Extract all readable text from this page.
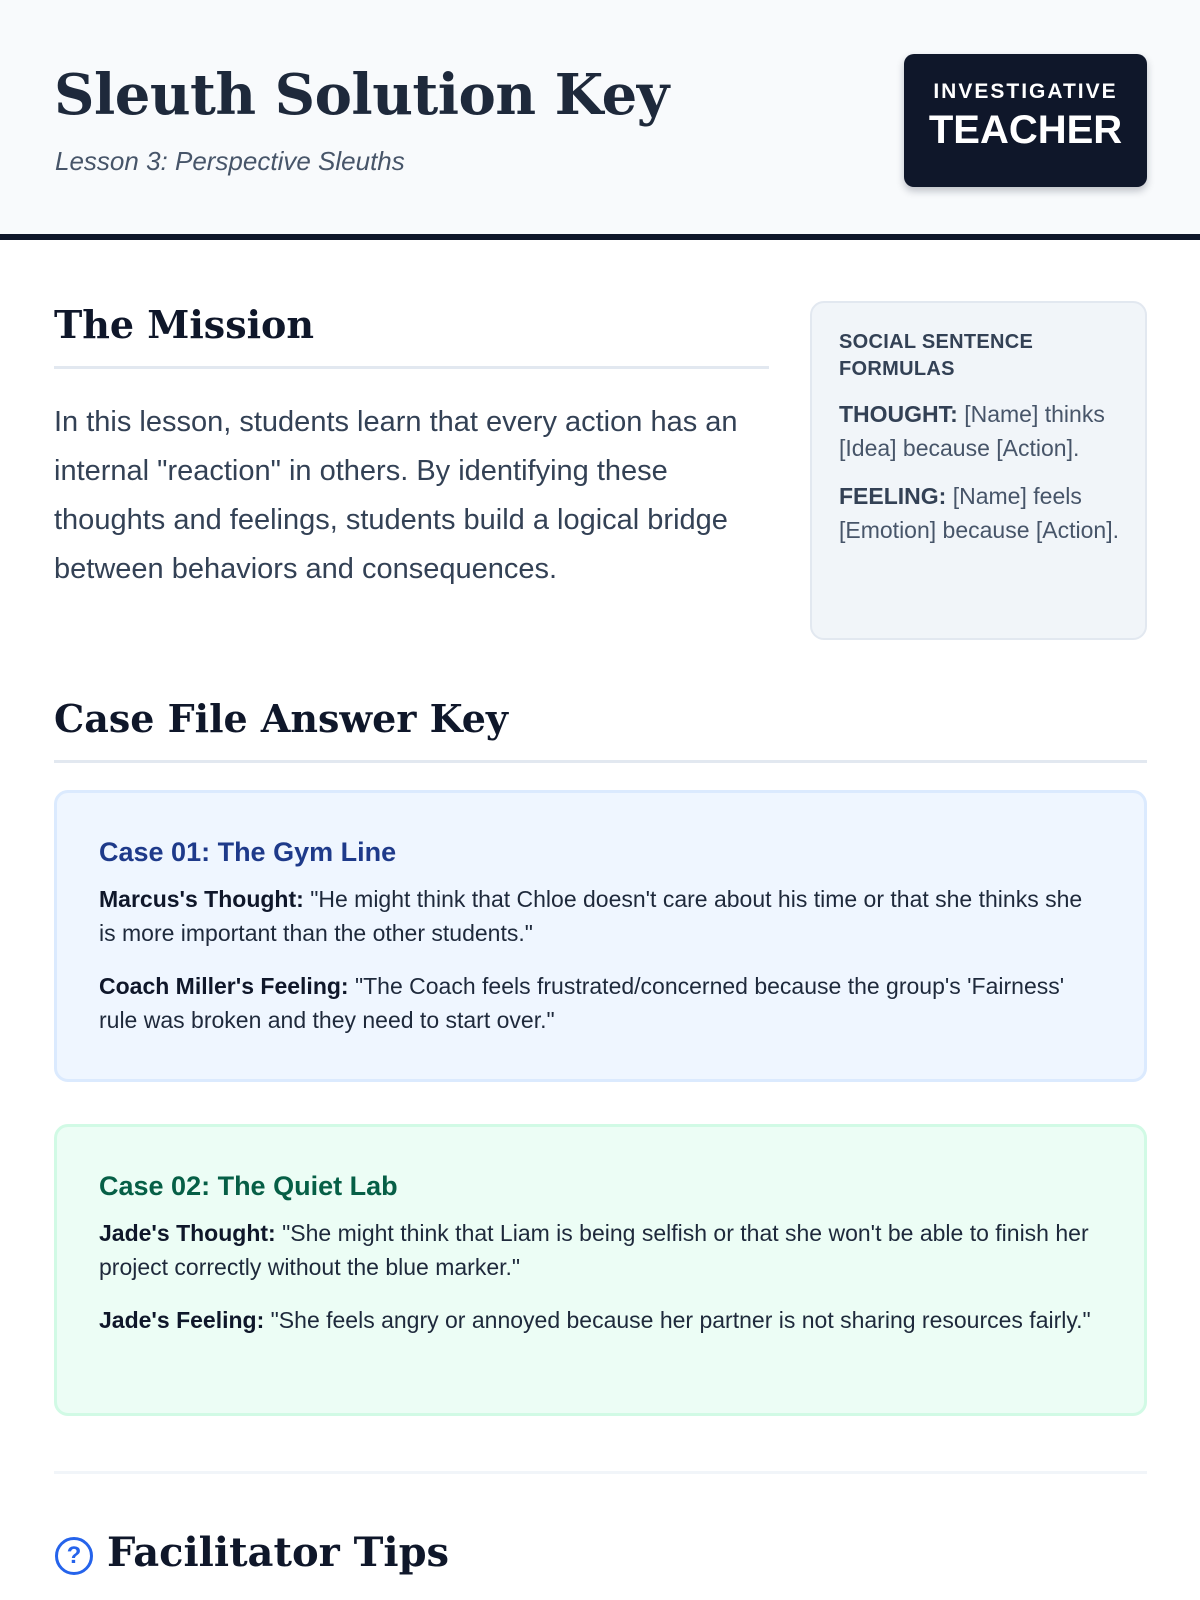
Sleuth Solution Key
Lesson 3: Perspective Sleuths
INVESTIGATIVE
TEACHER
The Mission

In this lesson, students learn that every action has an internal "reaction" in others. By identifying these thoughts and feelings, students build a logical bridge between behaviors and consequences.

SOCIAL SENTENCE FORMULAS
THOUGHT: [Name] thinks [Idea] because [Action].
FEELING: [Name] feels [Emotion] because [Action].
Case File Answer Key
Case 01: The Gym Line

Marcus's Thought: "He might think that Chloe doesn't care about his time or that she thinks she is more important than the other students."

Coach Miller's Feeling: "The Coach feels frustrated/concerned because the group's 'Fairness' rule was broken and they need to start over."

Case 02: The Quiet Lab

Jade's Thought: "She might think that Liam is being selfish or that she won't be able to finish her project correctly without the blue marker."

Jade's Feeling: "She feels angry or annoyed because her partner is not sharing resources fairly."

? Facilitator Tips
